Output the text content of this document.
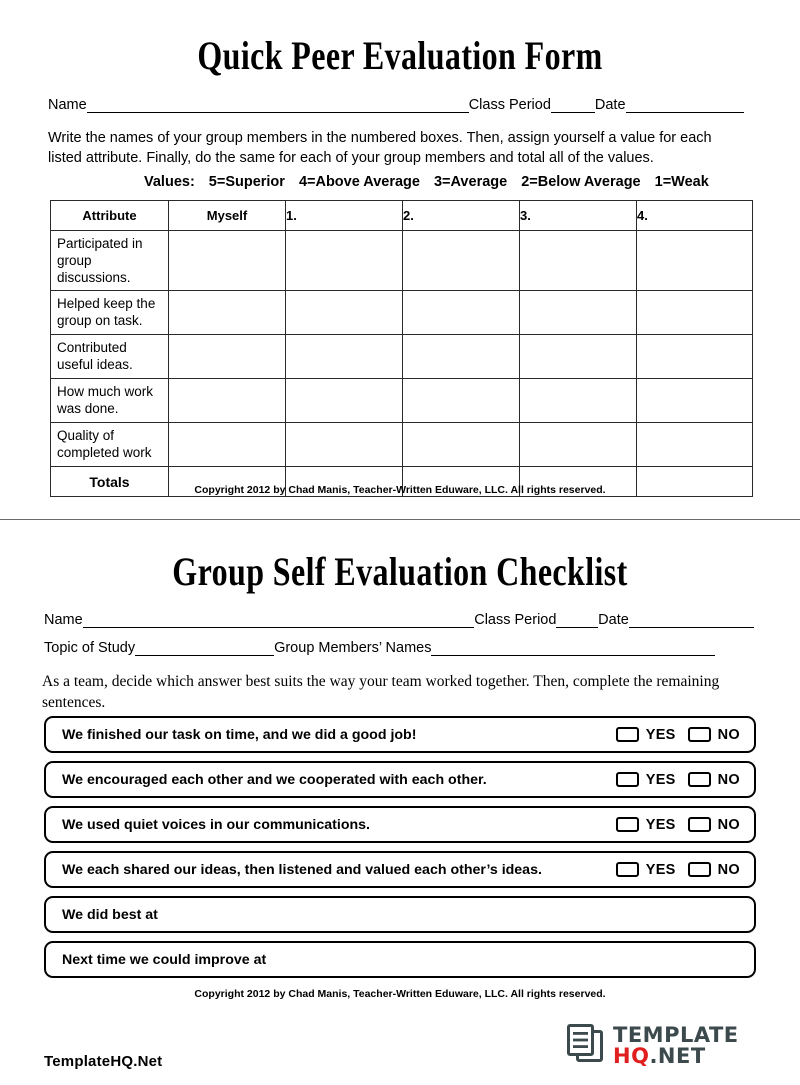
Quick Peer Evaluation Form
Name	Class Period	Date
Write the names of your group members in the numbered boxes. Then, assign yourself a value for each listed attribute. Finally, do the same for each of your group members and total all of the values.
Values: 5=Superior 4=Above Average 3=Average 2=Below Average 1=Weak
Attribute	Myself	1.	2.	3.	4.
Participated in group discussions.					
Helped keep the group on task.					
Contributed useful ideas.					
How much work was done.					
Quality of completed work					
Totals					
Copyright 2012 by Chad Manis, Teacher-Written Eduware, LLC. All rights reserved.
Group Self Evaluation Checklist
Name	Class Period	Date
Topic of Study	Group Members’ Names
As a team, decide which answer best suits the way your team worked together. Then, complete the remaining sentences.
We finished our task on time, and we did a good job!	YES	NO
We encouraged each other and we cooperated with each other.	YES	NO
We used quiet voices in our communications.	YES	NO
We each shared our ideas, then listened and valued each other’s ideas.	YES	NO
We did best at
Next time we could improve at
Copyright 2012 by Chad Manis, Teacher-Written Eduware, LLC. All rights reserved.
TemplateHQ.Net
TEMPLATE
HQ.NET
